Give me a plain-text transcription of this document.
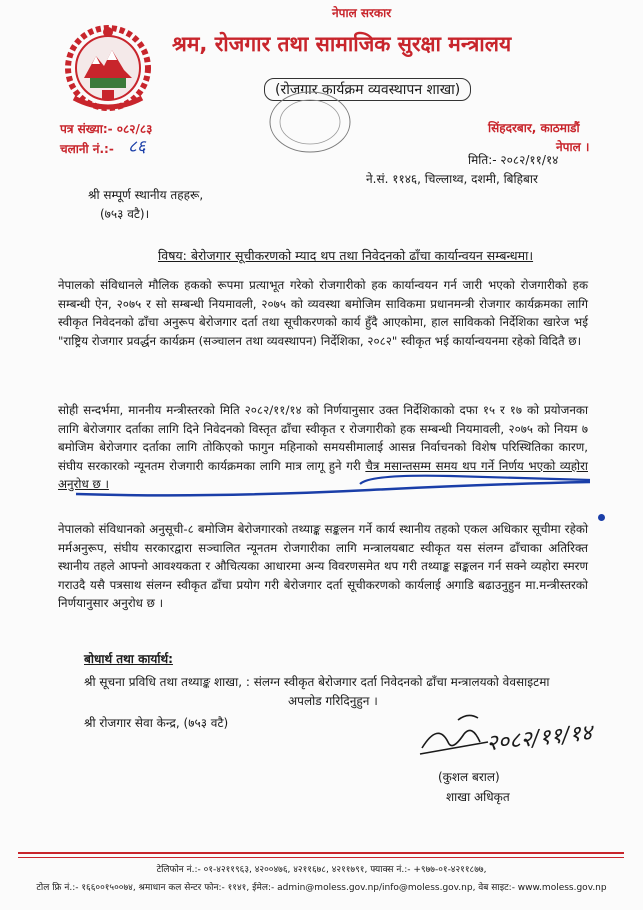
नेपाल सरकार
श्रम, रोजगार तथा सामाजिक सुरक्षा मन्त्रालय
(रोजगार कार्यक्रम व्यवस्थापन शाखा)
पत्र संख्या:- ०८२/८३
चलानी नं.:- ८६
सिंहदरबार, काठमाडौं
नेपाल ।
मिति:- २०८२/११/१४
ने.सं. ११४६, चिल्लाथ्व, दशमी, बिहिबार
श्री सम्पूर्ण स्थानीय तहहरू,
(७५३ वटै)।
विषय: बेरोजगार सूचीकरणको म्याद थप तथा निवेदनको ढाँचा कार्यान्वयन सम्बन्धमा।
नेपालको संविधानले मौलिक हकको रूपमा प्रत्याभूत गरेको रोजगारीको हक कार्यान्वयन गर्न जारी भएको रोजगारीको हक सम्बन्धी ऐन, २०७५ र सो सम्बन्धी नियमावली, २०७५ को व्यवस्था बमोजिम साविकमा प्रधानमन्त्री रोजगार कार्यक्रमका लागि स्वीकृत निवेदनको ढाँचा अनुरूप बेरोजगार दर्ता तथा सूचीकरणको कार्य हुँदै आएकोमा, हाल साविकको निर्देशिका खारेज भई "राष्ट्रिय रोजगार प्रवर्द्धन कार्यक्रम (सञ्चालन तथा व्यवस्थापन) निर्देशिका, २०८२" स्वीकृत भई कार्यान्वयनमा रहेको विदितै छ।
सोही सन्दर्भमा, माननीय मन्त्रीस्तरको मिति २०८२/११/१४ को निर्णयानुसार उक्त निर्देशिकाको दफा १५ र १७ को प्रयोजनका लागि बेरोजगार दर्ताका लागि दिने निवेदनको विस्तृत ढाँचा स्वीकृत र रोजगारीको हक सम्बन्धी नियमावली, २०७५ को नियम ७ बमोजिम बेरोजगार दर्ताका लागि तोकिएको फागुन महिनाको समयसीमालाई आसन्न निर्वाचनको विशेष परिस्थितिका कारण, संघीय सरकारको न्यूनतम रोजगारी कार्यक्रमका लागि मात्र लागू हुने गरी चैत्र मसान्तसम्म समय थप गर्ने निर्णय भएको व्यहोरा अनुरोध छ ।
नेपालको संविधानको अनुसूची-८ बमोजिम बेरोजगारको तथ्याङ्क सङ्कलन गर्ने कार्य स्थानीय तहको एकल अधिकार सूचीमा रहेको मर्मअनुरूप, संघीय सरकारद्वारा सञ्चालित न्यूनतम रोजगारीका लागि मन्त्रालयबाट स्वीकृत यस संलग्न ढाँचाका अतिरिक्त स्थानीय तहले आफ्नो आवश्यकता र औचित्यका आधारमा अन्य विवरणसमेत थप गरी तथ्याङ्क सङ्कलन गर्न सक्ने व्यहोरा स्मरण गराउदै यसै पत्रसाथ संलग्न स्वीकृत ढाँचा प्रयोग गरी बेरोजगार दर्ता सूचीकरणको कार्यलाई अगाडि बढाउनुहुन मा.मन्त्रीस्तरको निर्णयानुसार अनुरोध छ ।
बोधार्थ तथा कार्यार्थ:
श्री सूचना प्रविधि तथा तथ्याङ्क शाखा, : संलग्न स्वीकृत बेरोजगार दर्ता निवेदनको ढाँचा मन्त्रालयको वेवसाइटमा
अपलोड गरिदिनुहुन ।
श्री रोजगार सेवा केन्द्र, (७५३ वटै)	२०८२/११/१४
(कुशल बराल)
शाखा अधिकृत
टेलिफोन नं.:- ०१-४२११९६३, ४२००४७६, ४२११६७८, ४२११७९१, फ्याक्स नं.:- +९७७-०१-४२११८७७,
टोल फ्रि नं.:- १६६००१५००७४, श्रमाधान कल सेन्टर फोन:- ११४१, ईमेल:- admin@moless.gov.np/info@moless.gov.np, वेब साइट:- www.moless.gov.np
